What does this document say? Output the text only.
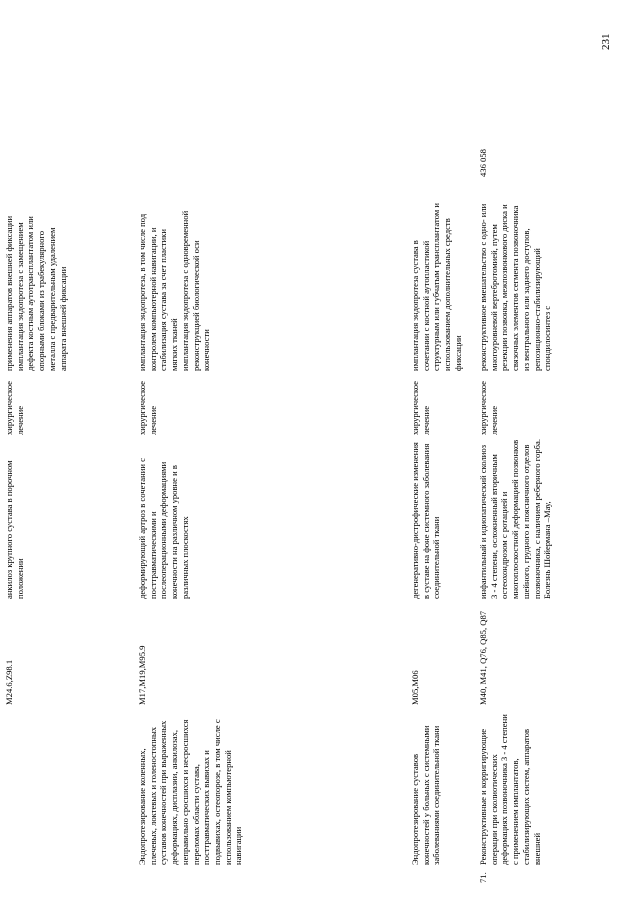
231
M24.6,Z98.1
анкилоз крупного сустава в порочном положении
хирургическое лечение
применения аппаратов внешней фиксации
имплантация эндопротеза с замещением дефекта костным аутотрансплантатом или опорными блоками из трабекулярного металла с предварительным удалением аппарата внешней фиксации
Эндопротезирование коленных, плечевых, локтевых и голеностопных суставов конечностей при выраженных деформациях, дисплазии, анкилозах, неправильно сросшихся и несросшихся переломах области сустава, посттравматических вывихах и подвывихах, остеопорозе, в том числе с использованием компьютерной навигации
M17,M19,M95.9
деформирующий артроз в сочетании с посттравматическими и послеоперационными деформациями конечности на различном уровне и в различных плоскостях
хирургическое лечение
имплантация эндопротеза, в том числе под контролем компьютерной навигации, и стабилизация сустава за счет пластики мягких тканей
имплантация эндопротеза с одновременной реконструкцией биологической оси конечности
Эндопротезирование суставов конечностей у больных с системными заболеваниями соединительной ткани
M05,M06
дегенеративно-дистрофические изменения в суставе на фоне системного заболевания соединительной ткани
хирургическое лечение
имплантация эндопротеза сустава в сочетании с костной аутопластикой структурным или губчатым трансплантатом и использованием дополнительных средств фиксации
71.
Реконструктивные и корригирующие операции при сколиотических деформациях позвоночника 3 - 4 степени с применением имплантатов, стабилизирующих систем, аппаратов внешней
M40, M41, Q76, Q85, Q87
инфантильный и идиопатический сколиоз 3 - 4 степени, осложненный вторичным остеохондрозом с ротацией и многоплоскостной деформацией позвонков шейного, грудного и поясничного отделов позвоночника, с наличием реберного горба. Болезнь Шойермана –Мау,
хирургическое лечение
реконструктивное вмешательство с одно- или многоуровневой вертебротомией, путем резекции позвонка, межпозвонкового диска и связочных элементов сегмента позвоночника из вентрального или заднего доступов, репозиционно-стабилизирующий спондилосинтез с
436 058
